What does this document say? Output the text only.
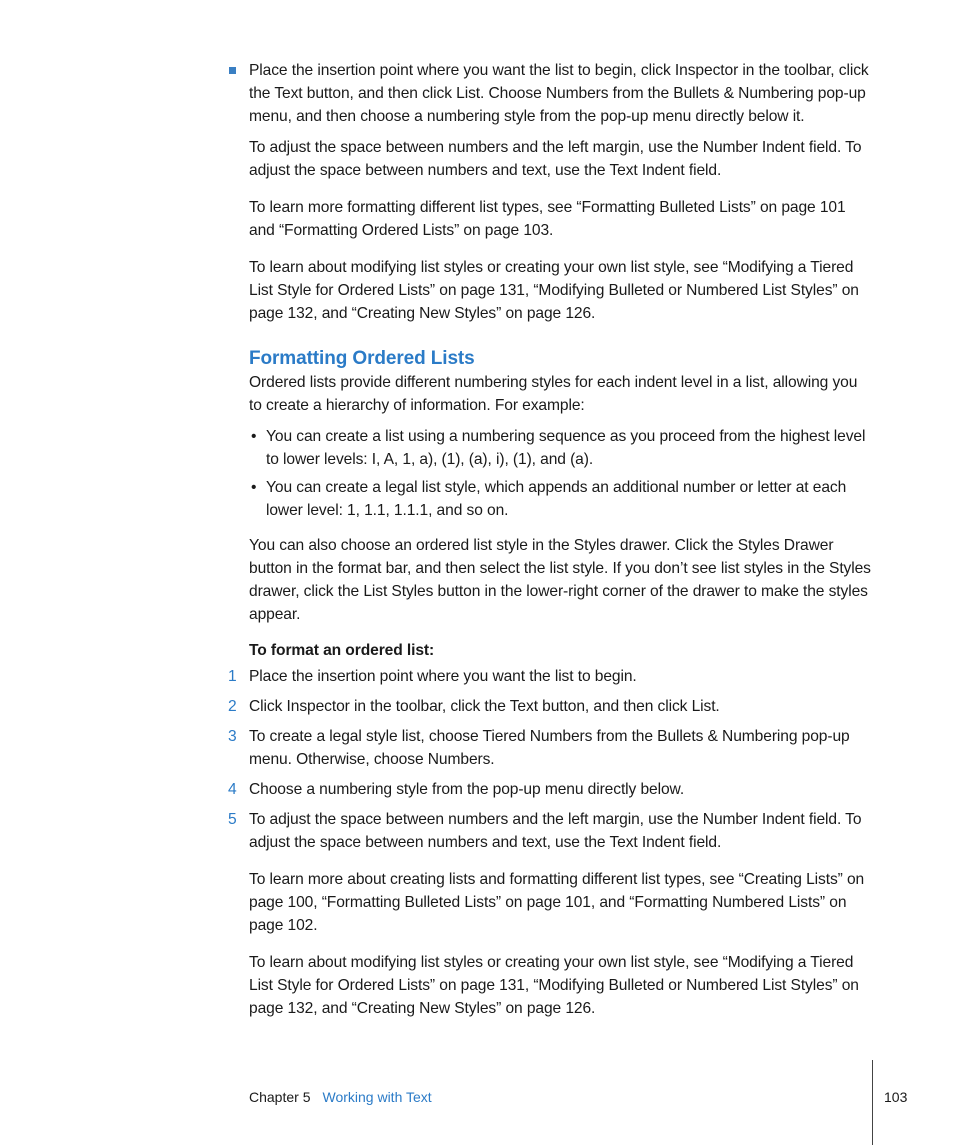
Place the insertion point where you want the list to begin, click Inspector in the toolbar, click the Text button, and then click List. Choose Numbers from the Bullets & Numbering pop-up menu, and then choose a numbering style from the pop-up menu directly below it.

To adjust the space between numbers and the left margin, use the Number Indent field. To adjust the space between numbers and text, use the Text Indent field.

To learn more formatting different list types, see “Formatting Bulleted Lists” on page 101 and “Formatting Ordered Lists” on page 103.

To learn about modifying list styles or creating your own list style, see “Modifying a Tiered List Style for Ordered Lists” on page 131, “Modifying Bulleted or Numbered List Styles” on page 132, and “Creating New Styles” on page 126.

Formatting Ordered Lists

Ordered lists provide different numbering styles for each indent level in a list, allowing you to create a hierarchy of information. For example:

• You can create a list using a numbering sequence as you proceed from the highest level to lower levels: I, A, 1, a), (1), (a), i), (1), and (a).

• You can create a legal list style, which appends an additional number or letter at each lower level: 1, 1.1, 1.1.1, and so on.

You can also choose an ordered list style in the Styles drawer. Click the Styles Drawer button in the format bar, and then select the list style. If you don’t see list styles in the Styles drawer, click the List Styles button in the lower-right corner of the drawer to make the styles appear.

To format an ordered list:

1 Place the insertion point where you want the list to begin.

2 Click Inspector in the toolbar, click the Text button, and then click List.

3 To create a legal style list, choose Tiered Numbers from the Bullets & Numbering pop-up menu. Otherwise, choose Numbers.

4 Choose a numbering style from the pop-up menu directly below.

5 To adjust the space between numbers and the left margin, use the Number Indent field. To adjust the space between numbers and text, use the Text Indent field.

To learn more about creating lists and formatting different list types, see “Creating Lists” on page 100, “Formatting Bulleted Lists” on page 101, and “Formatting Numbered Lists” on page 102.

To learn about modifying list styles or creating your own list style, see “Modifying a Tiered List Style for Ordered Lists” on page 131, “Modifying Bulleted or Numbered List Styles” on page 132, and “Creating New Styles” on page 126.

Chapter 5 Working with Text	103
